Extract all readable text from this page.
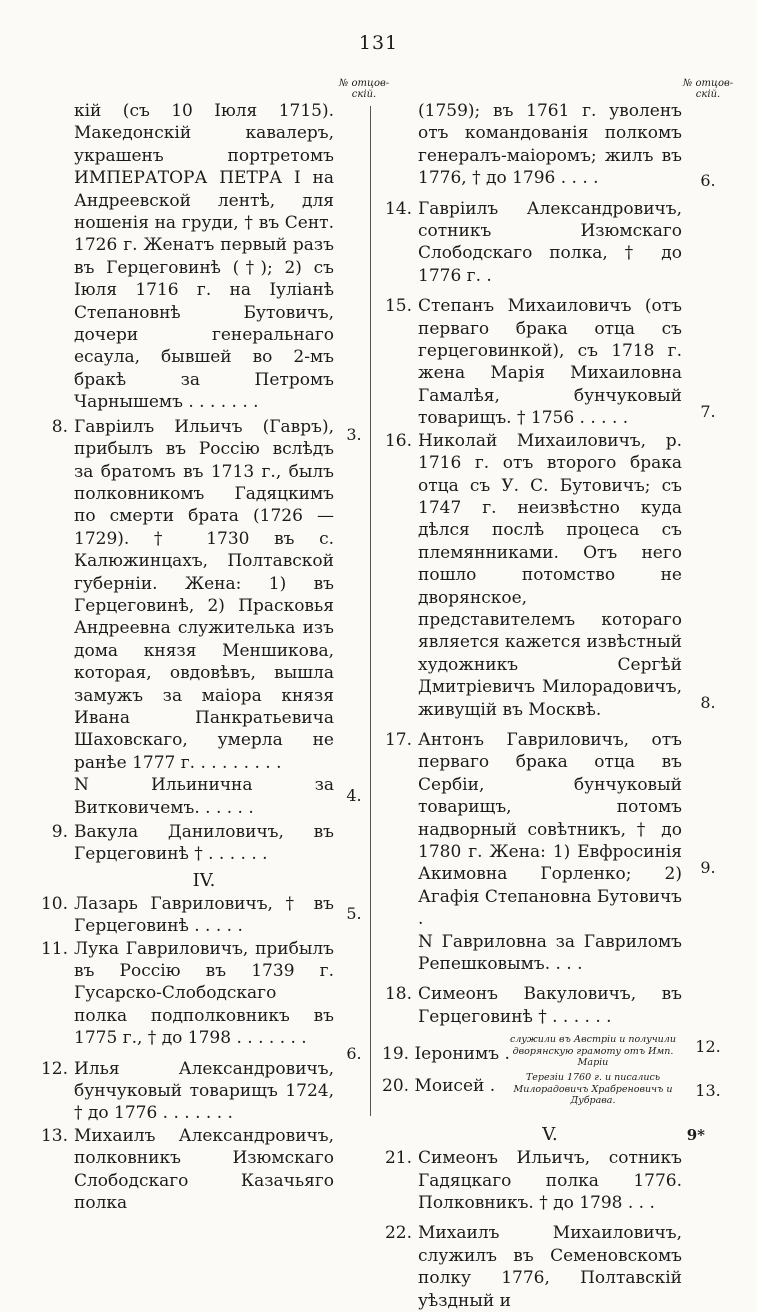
131
№ отцов- скій.
№ отцов- скій.
кій (съ 10 Іюля 1715). Македонскій кавалеръ, украшенъ портретомъ ИМПЕРАТОРА ПЕТРА I на Андреевской лентѣ, для ношенія на груди, † въ Сент. 1726 г. Женатъ первый разъ въ Герцеговинѣ (†); 2) съ Іюля 1716 г. на Іуліанѣ Степановнѣ Бутовичъ, дочери генеральнаго есаула, бывшей во 2-мъ бракѣ за Петромъ Чарнышемъ . . . . . . .
8. Гавріилъ Ильичъ (Гавръ), прибылъ въ Россію вслѣдъ за братомъ въ 1713 г., былъ полковникомъ Гадяцкимъ по смерти брата (1726 — 1729). † 1730 въ с. Калюжинцахъ, Полтавской губерніи. Жена: 1) въ Герцеговинѣ, 2) Прасковья Андреевна служителька изъ дома князя Меншикова, которая, овдовѣвъ, вышла замужъ за маіора князя Ивана Панкратьевича Шаховскаго, умерла не ранѣе 1777 г. . . . . . . . .
N Ильинична за Витковичемъ. . . . . .
9. Вакула Даниловичъ, въ Герцеговинѣ † . . . . . .
IV.
10. Лазарь Гавриловичъ, † въ Герцеговинѣ . . . . .
11. Лука Гавриловичъ, прибылъ въ Россію въ 1739 г. Гусарско-Слободскаго полка подполковникъ въ 1775 г., † до 1798 . . . . . . .
12. Илья Александровичъ, бунчуковый товарищъ 1724, † до 1776 . . . . . . .
13. Михаилъ Александровичъ, полковникъ Изюмскаго Слободскаго Казачьяго полка
3.
4.
5.
6.
(1759); въ 1761 г. уволенъ отъ командованія полкомъ генералъ-маіоромъ; жилъ въ 1776, † до 1796 . . . .
14. Гавріилъ Александровичъ, сотникъ Изюмскаго Слободскаго полка, † до 1776 г. .
15. Степанъ Михаиловичъ (отъ перваго брака отца съ герцеговинкой), съ 1718 г. жена Марія Михаиловна Гамалѣя, бунчуковый товарищъ. † 1756 . . . . .
16. Николай Михаиловичъ, р. 1716 г. отъ второго брака отца съ У. С. Бутовичъ; съ 1747 г. неизвѣстно куда дѣлся послѣ процеса съ племянниками. Отъ него пошло потомство не дворянское, представителемъ котораго является кажется извѣстный художникъ Сергѣй Дмитріевичъ Милорадовичъ, живущій въ Москвѣ.
17. Антонъ Гавриловичъ, отъ перваго брака отца въ Сербіи, бунчуковый товарищъ, потомъ надворный совѣтникъ, † до 1780 г. Жена: 1) Евфросинія Акимовна Горленко; 2) Агафія Степановна Бутовичъ .
N Гавриловна за Гавриломъ Репешковымъ. . . .
18. Симеонъ Вакуловичъ, въ Герцеговинѣ † . . . . . .
19. Іеронимъ .
20. Моисей .
служили въ Австріи и получили дворянскую грамоту отъ Имп. Маріи
Терезіи 1760 г. и писались Милорадовичъ Храбреновичъ и Дубрава.
V.
21. Симеонъ Ильичъ, сотникъ Гадяцкаго полка 1776. Полковникъ. † до 1798 . . .
22. Михаилъ Михаиловичъ, служилъ въ Семеновскомъ полку 1776, Полтавскій уѣздный и
6.
7.
8.
9.
12.
13.
9*
